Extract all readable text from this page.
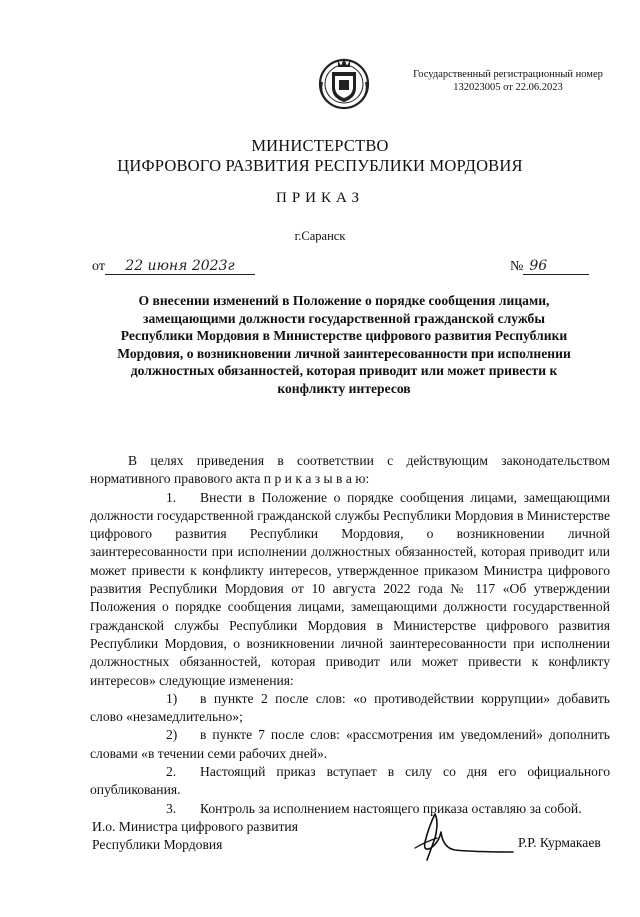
Государственный регистрационный номер
132023005 от 22.06.2023
МИНИСТЕРСТВО
ЦИФРОВОГО РАЗВИТИЯ РЕСПУБЛИКИ МОРДОВИЯ
ПРИКАЗ
г.Саранск
от 22 июня 2023г	№ 96
О внесении изменений в Положение о порядке сообщения лицами,
замещающими должности государственной гражданской службы
Республики Мордовия в Министерстве цифрового развития Республики
Мордовия, о возникновении личной заинтересованности при исполнении
должностных обязанностей, которая приводит или может привести к
конфликту интересов

В целях приведения в соответствии с действующим законодательством нормативного правового акта п р и к а з ы в а ю:

1. Внести в Положение о порядке сообщения лицами, замещающими должности государственной гражданской службы Республики Мордовия в Министерстве цифрового развития Республики Мордовия, о возникновении личной заинтересованности при исполнении должностных обязанностей, которая приводит или может привести к конфликту интересов, утвержденное приказом Министра цифрового развития Республики Мордовия от 10 августа 2022 года № 117 «Об утверждении Положения о порядке сообщения лицами, замещающими должности государственной гражданской службы Республики Мордовия в Министерстве цифрового развития Республики Мордовия, о возникновении личной заинтересованности при исполнении должностных обязанностей, которая приводит или может привести к конфликту интересов» следующие изменения:

1) в пункте 2 после слов: «о противодействии коррупции» добавить слово «незамедлительно»;

2) в пункте 7 после слов: «рассмотрения им уведомлений» дополнить словами «в течении семи рабочих дней».

2. Настоящий приказ вступает в силу со дня его официального опубликования.

3. Контроль за исполнением настоящего приказа оставляю за собой.

И.о. Министра цифрового развития
Республики Мордовия	Р.Р. Курмакаев
